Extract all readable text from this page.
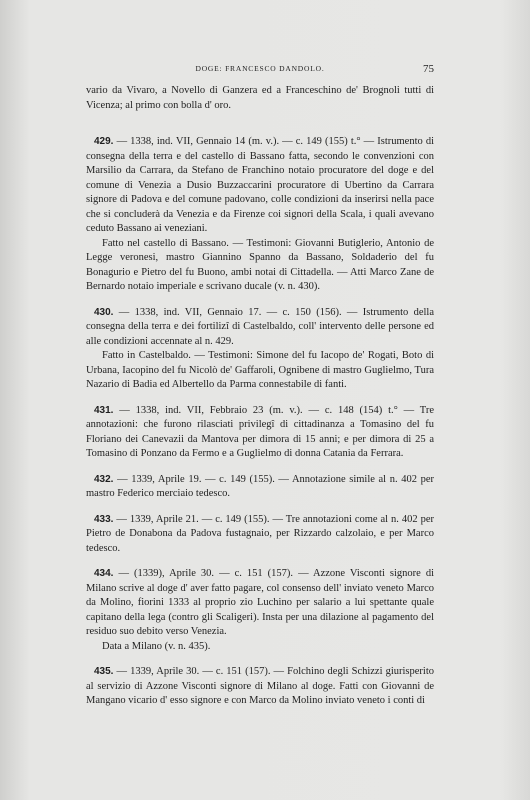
DOGE: FRANCESCO DANDOLO.	75

vario da Vivaro, a Novello di Ganzera ed a Franceschino de' Brognoli tutti di Vicenza; al primo con bolla d' oro.

429. — 1338, ind. VII, Gennaio 14 (m. v.). — c. 149 (155) t.° — Istrumento di consegna della terra e del castello di Bassano fatta, secondo le convenzioni con Marsilio da Carrara, da Stefano de Franchino notaio procuratore del doge e del comune di Venezia a Dusio Buzzaccarini procuratore di Ubertino da Carrara signore di Padova e del comune padovano, colle condizioni da inserirsi nella pace che si concluderà da Venezia e da Firenze coi signori della Scala, i quali avevano ceduto Bassano ai veneziani.

Fatto nel castello di Bassano. — Testimoni: Giovanni Butiglerio, Antonio de Legge veronesi, mastro Giannino Spanno da Bassano, Soldaderio del fu Bonagurio e Pietro del fu Buono, ambi notai di Cittadella. — Atti Marco Zane de Bernardo notaio imperiale e scrivano ducale (v. n. 430).

430. — 1338, ind. VII, Gennaio 17. — c. 150 (156). — Istrumento della consegna della terra e dei fortilizî di Castelbaldo, coll' intervento delle persone ed alle condizioni accennate al n. 429.

Fatto in Castelbaldo. — Testimoni: Simone del fu Iacopo de' Rogati, Boto di Urbana, Iacopino del fu Nicolò de' Gaffaroli, Ognibene di mastro Guglielmo, Tura Nazario di Badia ed Albertello da Parma connestabile di fanti.

431. — 1338, ind. VII, Febbraio 23 (m. v.). — c. 148 (154) t.° — Tre annotazioni: che furono rilasciati privilegî di cittadinanza a Tomasino del fu Floriano dei Canevazii da Mantova per dimora di 15 anni; e per dimora di 25 a Tomasino di Ponzano da Fermo e a Guglielmo di donna Catania da Ferrara.

432. — 1339, Aprile 19. — c. 149 (155). — Annotazione simile al n. 402 per mastro Federico merciaio tedesco.

433. — 1339, Aprile 21. — c. 149 (155). — Tre annotazioni come al n. 402 per Pietro de Donabona da Padova fustagnaio, per Rizzardo calzolaio, e per Marco tedesco.

434. — (1339), Aprile 30. — c. 151 (157). — Azzone Visconti signore di Milano scrive al doge d' aver fatto pagare, col consenso dell' inviato veneto Marco da Molino, fiorini 1333 al proprio zio Luchino per salario a lui spettante quale capitano della lega (contro gli Scaligeri). Insta per una dilazione al pagamento del residuo suo debito verso Venezia.

Data a Milano (v. n. 435).

435. — 1339, Aprile 30. — c. 151 (157). — Folchino degli Schizzi giurisperito al servizio di Azzone Visconti signore di Milano al doge. Fatti con Giovanni de Mangano vicario d' esso signore e con Marco da Molino inviato veneto i conti di
